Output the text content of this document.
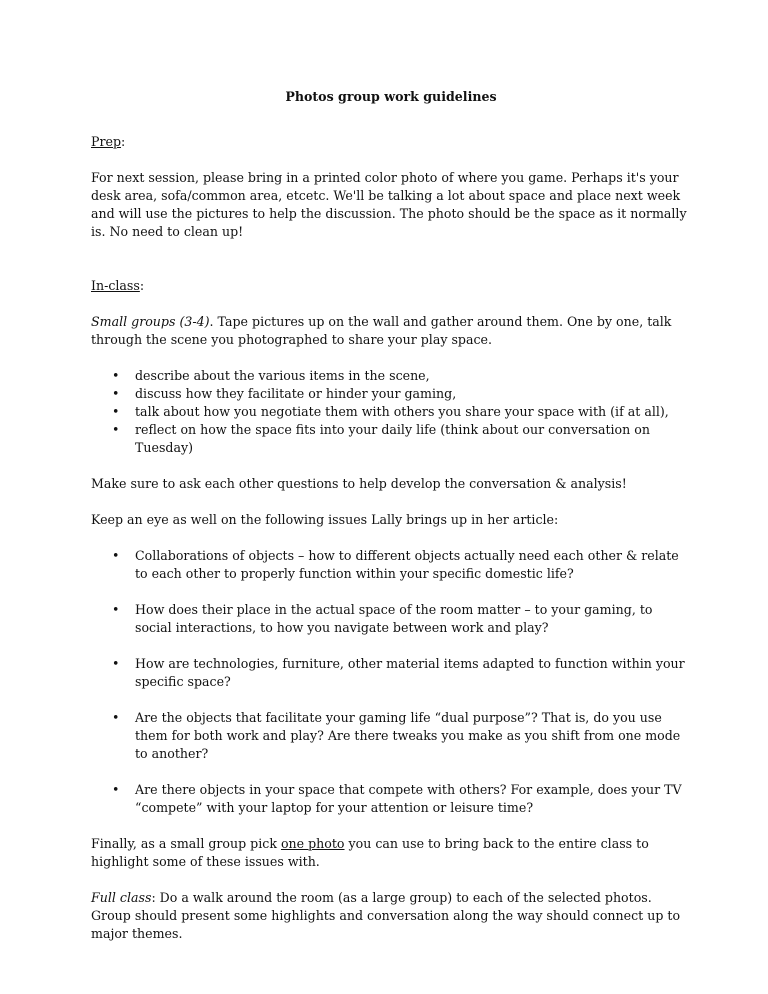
Photos group work guidelines
Prep:

For next session, please bring in a printed color photo of where you game. Perhaps it's your desk area, sofa/common area, etcetc. We'll be talking a lot about space and place next week and will use the pictures to help the discussion. The photo should be the space as it normally is. No need to clean up!

In-class:

Small groups (3-4). Tape pictures up on the wall and gather around them. One by one, talk through the scene you photographed to share your play space.

• describe about the various items in the scene,
• discuss how they facilitate or hinder your gaming,
• talk about how you negotiate them with others you share your space with (if at all),
• reflect on how the space fits into your daily life (think about our conversation on Tuesday)

Make sure to ask each other questions to help develop the conversation & analysis!

Keep an eye as well on the following issues Lally brings up in her article:

• Collaborations of objects – how to different objects actually need each other & relate to each other to properly function within your specific domestic life?
• How does their place in the actual space of the room matter – to your gaming, to social interactions, to how you navigate between work and play?
• How are technologies, furniture, other material items adapted to function within your specific space?
• Are the objects that facilitate your gaming life “dual purpose”? That is, do you use them for both work and play? Are there tweaks you make as you shift from one mode to another?
• Are there objects in your space that compete with others? For example, does your TV “compete” with your laptop for your attention or leisure time?

Finally, as a small group pick one photo you can use to bring back to the entire class to highlight some of these issues with.

Full class: Do a walk around the room (as a large group) to each of the selected photos. Group should present some highlights and conversation along the way should connect up to major themes.
